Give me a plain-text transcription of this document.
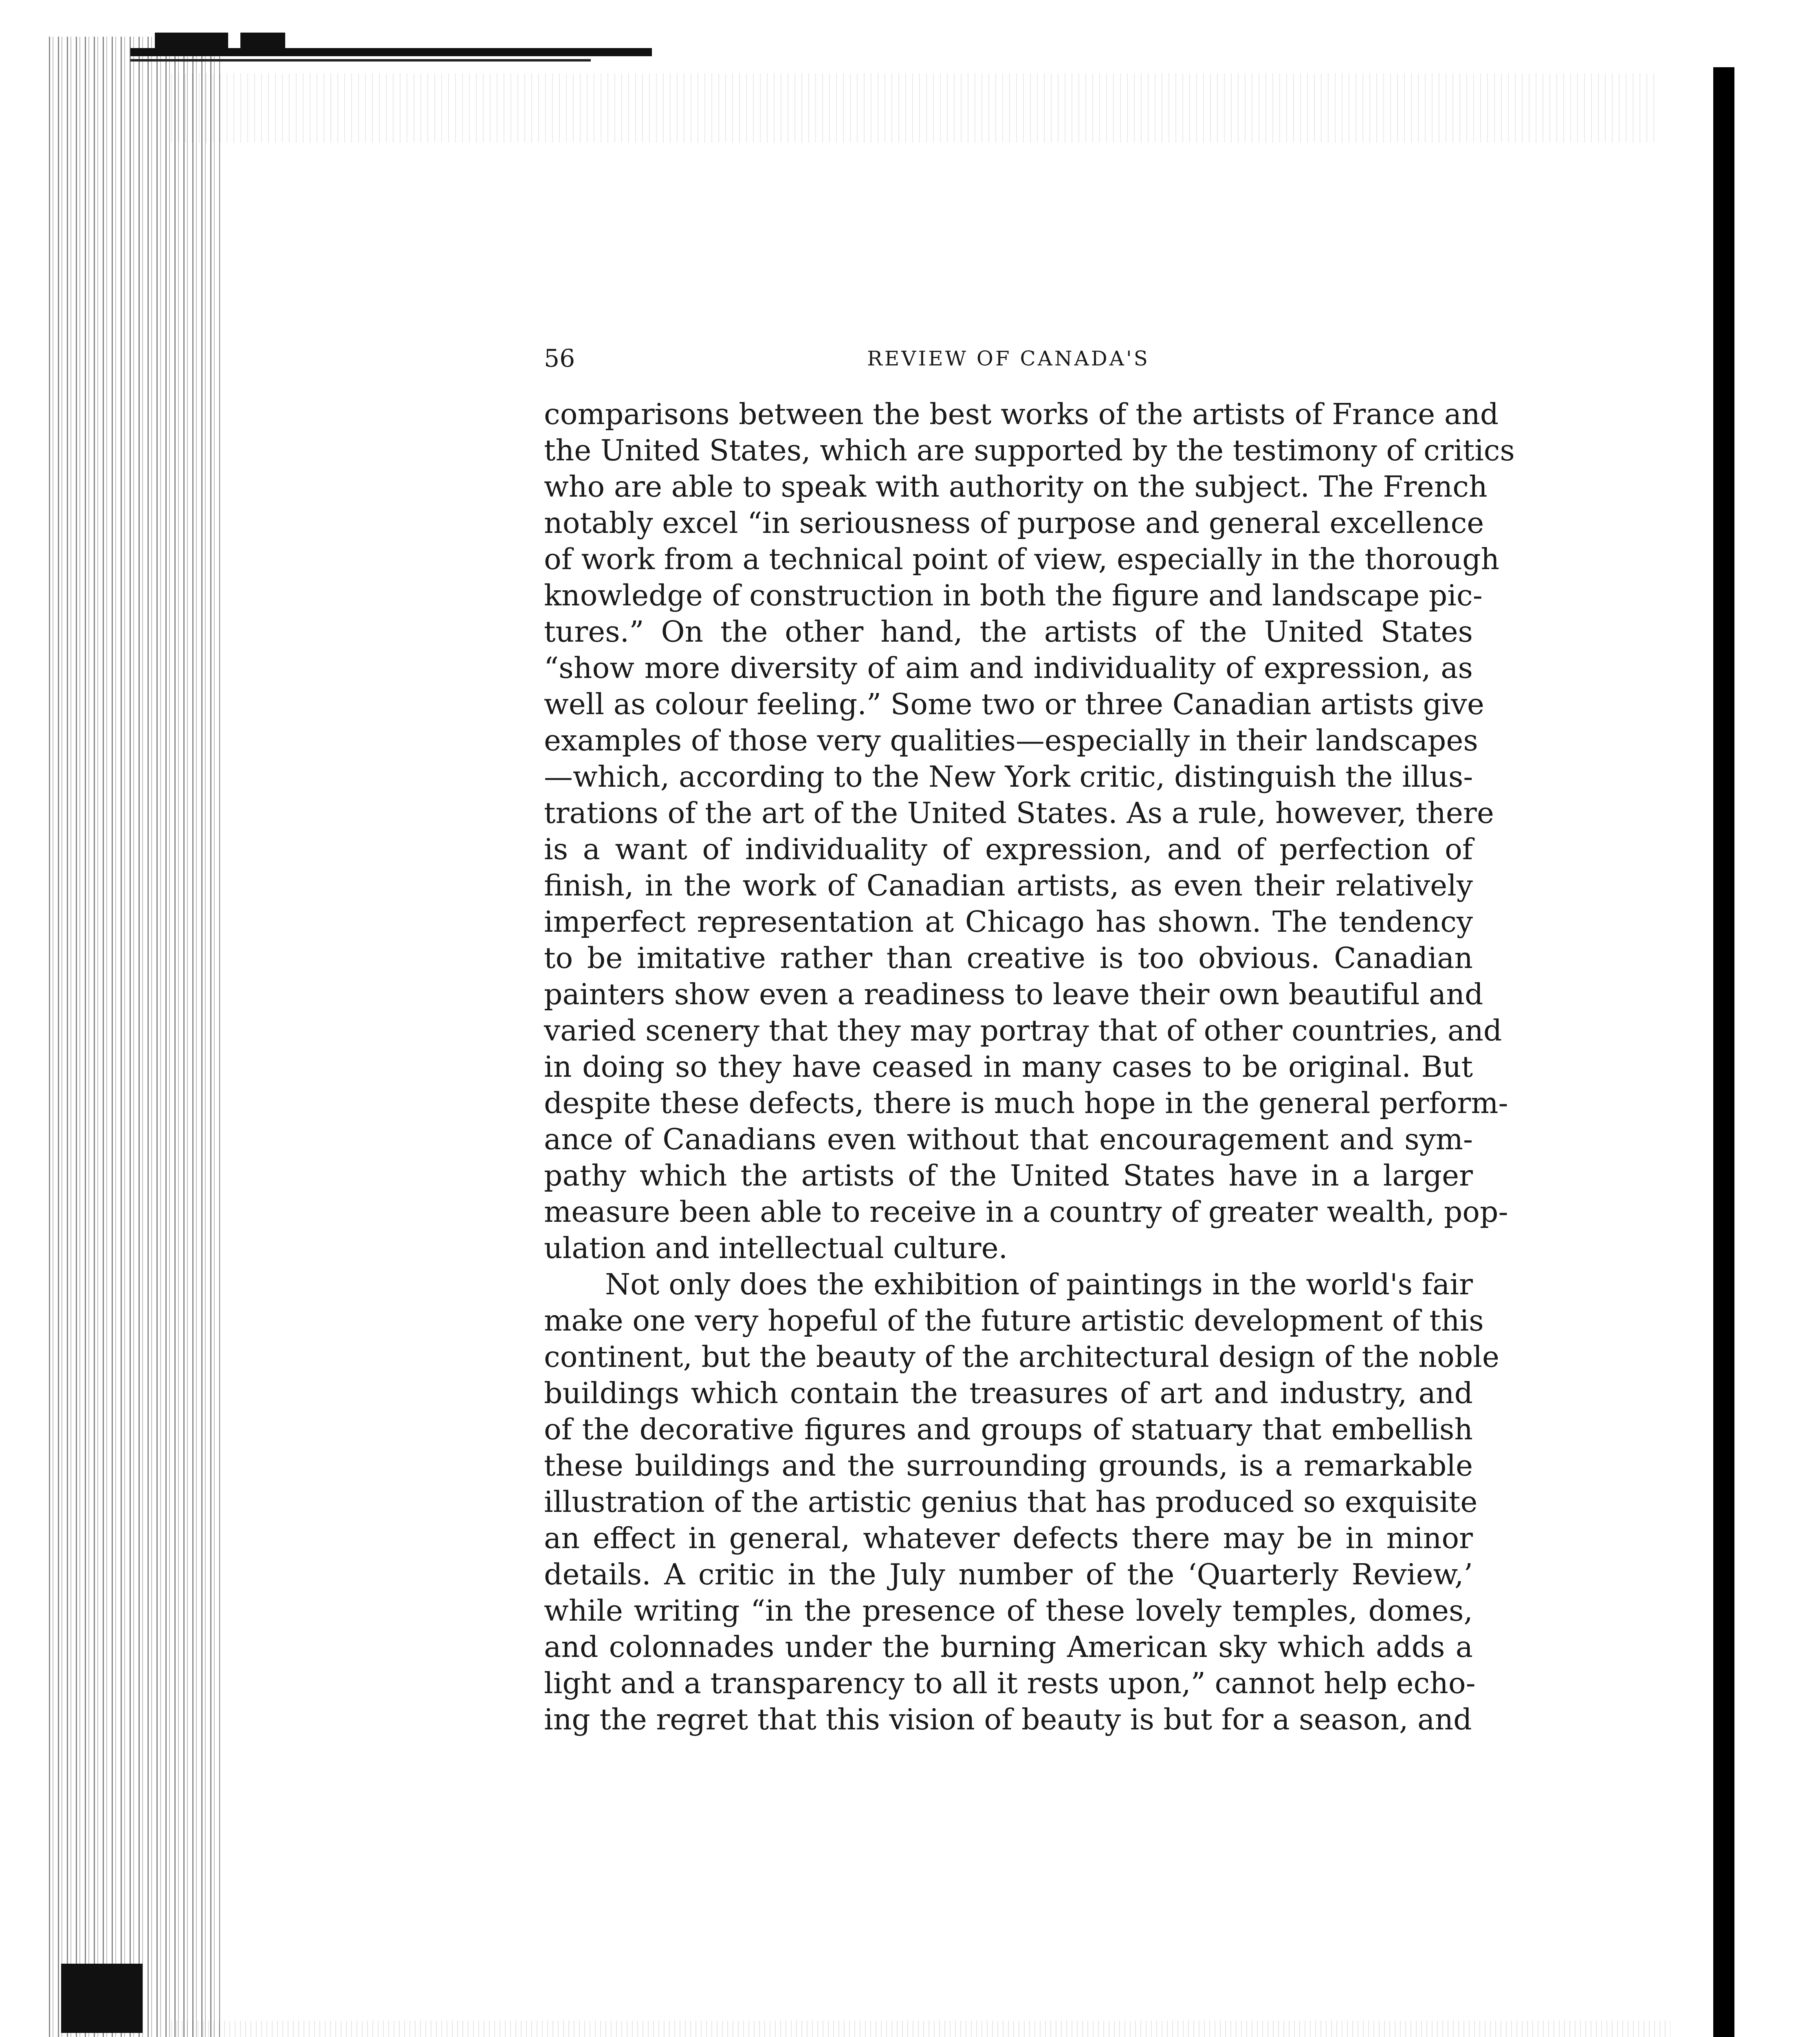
56	REVIEW OF CANADA'S
comparisons between the best works of the artists of France and
the United States, which are supported by the testimony of critics
who are able to speak with authority on the subject. The French
notably excel “in seriousness of purpose and general excellence
of work from a technical point of view, especially in the thorough
knowledge of construction in both the figure and landscape pic-
tures.” On the other hand, the artists of the United States
“show more diversity of aim and individuality of expression, as
well as colour feeling.” Some two or three Canadian artists give
examples of those very qualities—especially in their landscapes
—which, according to the New York critic, distinguish the illus-
trations of the art of the United States. As a rule, however, there
is a want of individuality of expression, and of perfection of
finish, in the work of Canadian artists, as even their relatively
imperfect representation at Chicago has shown. The tendency
to be imitative rather than creative is too obvious. Canadian
painters show even a readiness to leave their own beautiful and
varied scenery that they may portray that of other countries, and
in doing so they have ceased in many cases to be original. But
despite these defects, there is much hope in the general perform-
ance of Canadians even without that encouragement and sym-
pathy which the artists of the United States have in a larger
measure been able to receive in a country of greater wealth, pop-
ulation and intellectual culture.
Not only does the exhibition of paintings in the world's fair
make one very hopeful of the future artistic development of this
continent, but the beauty of the architectural design of the noble
buildings which contain the treasures of art and industry, and
of the decorative figures and groups of statuary that embellish
these buildings and the surrounding grounds, is a remarkable
illustration of the artistic genius that has produced so exquisite
an effect in general, whatever defects there may be in minor
details. A critic in the July number of the ‘Quarterly Review,’
while writing “in the presence of these lovely temples, domes,
and colonnades under the burning American sky which adds a
light and a transparency to all it rests upon,” cannot help echo-
ing the regret that this vision of beauty is but for a season, and
